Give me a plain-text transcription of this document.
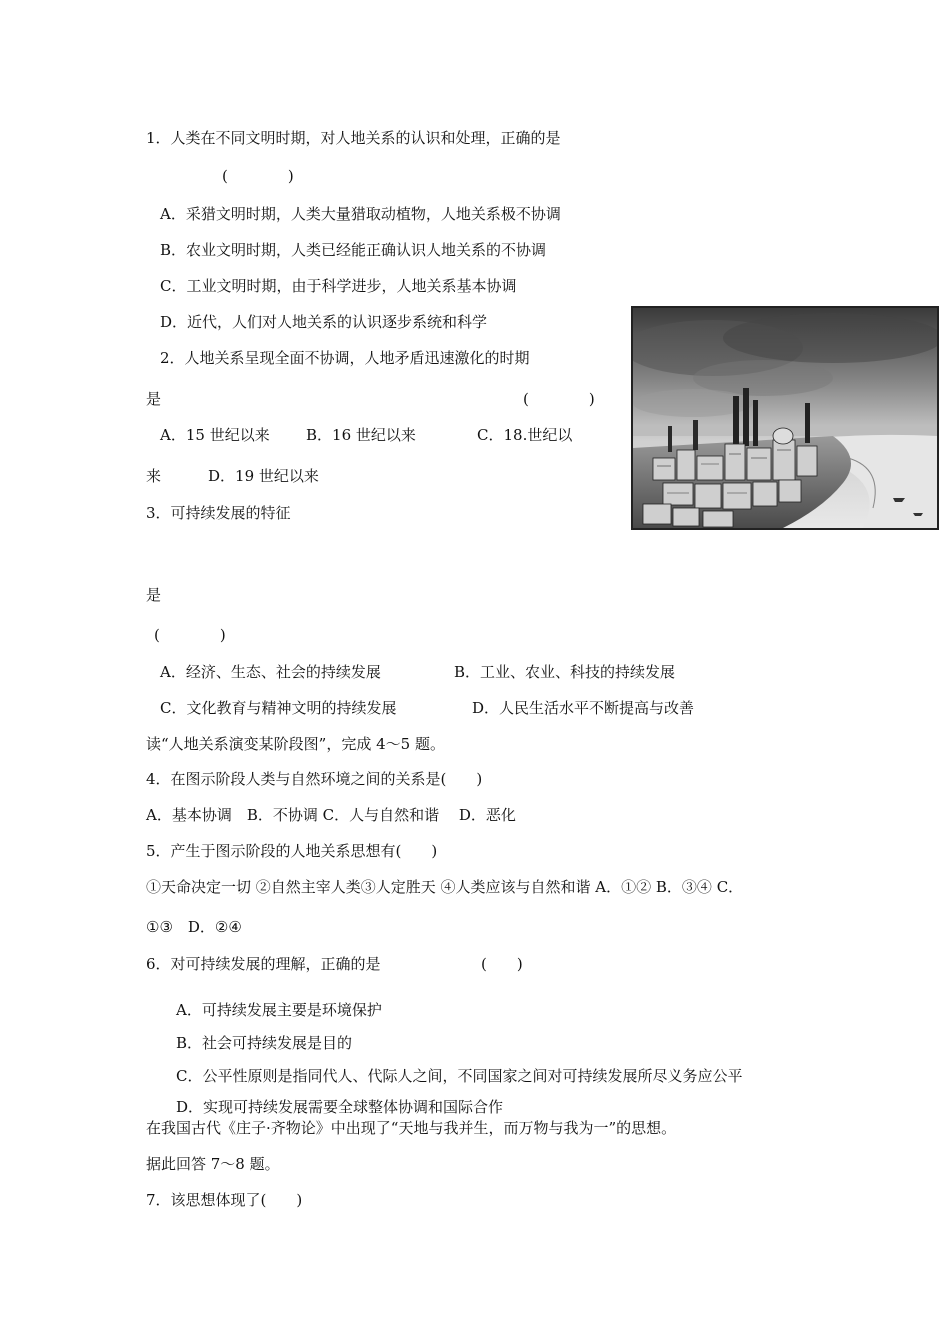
1．人类在不同文明时期，对人地关系的认识和处理，正确的是
(　　　　)
A．采猎文明时期，人类大量猎取动植物，人地关系极不协调
B．农业文明时期，人类已经能正确认识人地关系的不协调
C．工业文明时期，由于科学进步，人地关系基本协调
D．近代，人们对人地关系的认识逐步系统和科学
2．人地关系呈现全面不协调，人地矛盾迅速激化的时期
是	(　　　　)
A．15 世纪以来 B．16 世纪以来	C．18.世纪以
来	D．19 世纪以来
3．可持续发展的特征
是
(　　　　)
A．经济、生态、社会的持续发展	B．工业、农业、科技的持续发展
C．文化教育与精神文明的持续发展	D．人民生活水平不断提高与改善
读“人地关系演变某阶段图”，完成 4～5 题。
4．在图示阶段人类与自然环境之间的关系是(　　)
A．基本协调　B．不协调 C．人与自然和谐　 D．恶化
5．产生于图示阶段的人地关系思想有(　　)
①天命决定一切 ②自然主宰人类③人定胜天 ④人类应该与自然和谐 A．①② B．③④ C．
①③　D．②④
6．对可持续发展的理解，正确的是	(　　)
A．可持续发展主要是环境保护
B．社会可持续发展是目的
C．公平性原则是指同代人、代际人之间，不同国家之间对可持续发展所尽义务应公平
D．实现可持续发展需要全球整体协调和国际合作
在我国古代《庄子·齐物论》中出现了“天地与我并生，而万物与我为一”的思想。
据此回答 7～8 题。
7．该思想体现了(　　)
